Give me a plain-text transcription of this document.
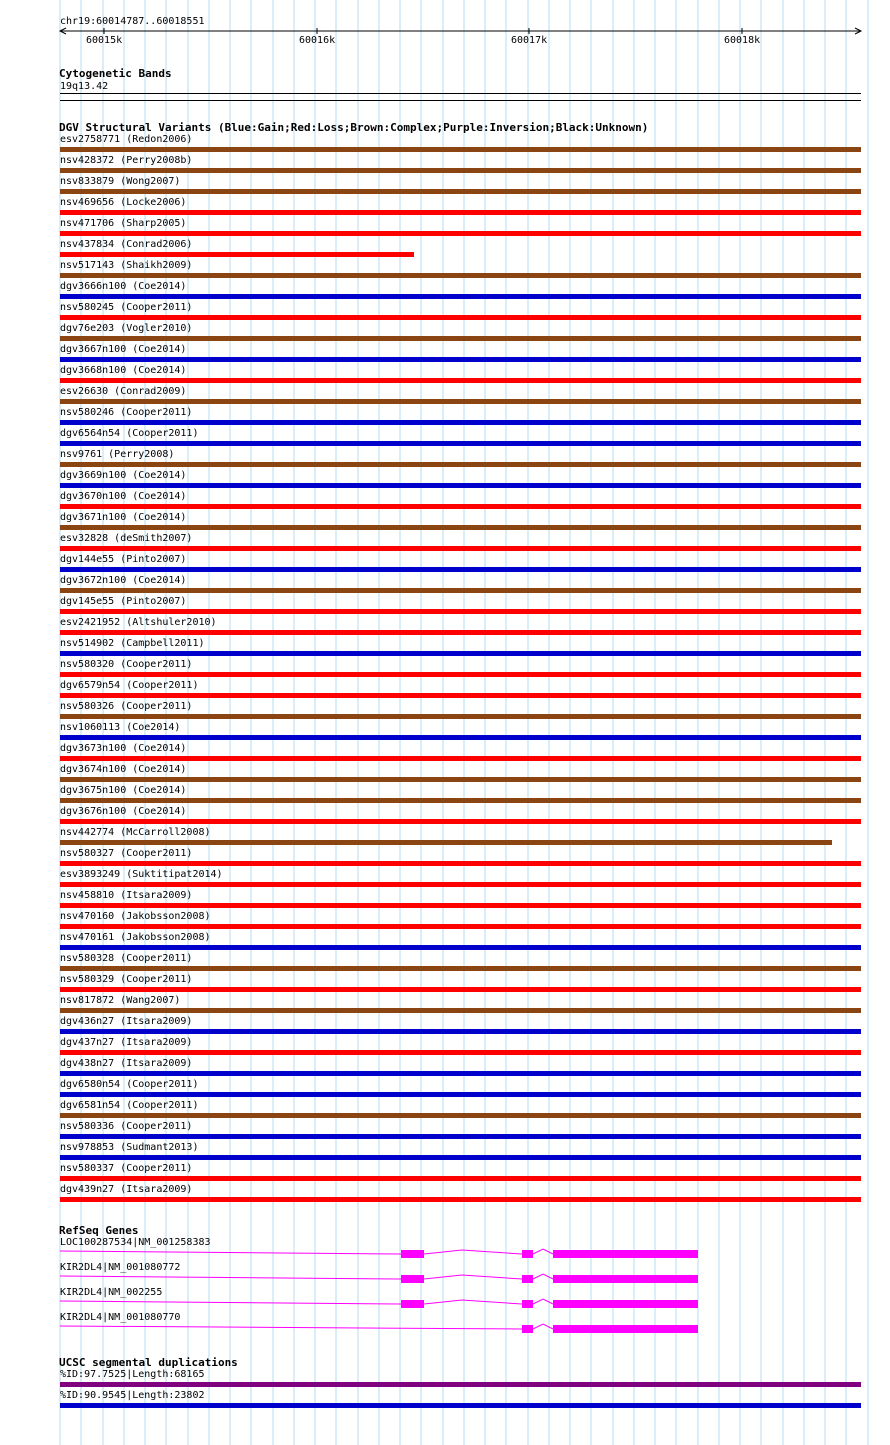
chr19:60014787..60018551
60015k	60016k	60017k	60018k
Cytogenetic Bands
19q13.42
DGV Structural Variants (Blue:Gain;Red:Loss;Brown:Complex;Purple:Inversion;Black:Unknown)
esv2758771 (Redon2006)
nsv428372 (Perry2008b)
nsv833879 (Wong2007)
nsv469656 (Locke2006)
nsv471706 (Sharp2005)
nsv437834 (Conrad2006)
nsv517143 (Shaikh2009)
dgv3666n100 (Coe2014)
nsv580245 (Cooper2011)
dgv76e203 (Vogler2010)
dgv3667n100 (Coe2014)
dgv3668n100 (Coe2014)
esv26630 (Conrad2009)
nsv580246 (Cooper2011)
dgv6564n54 (Cooper2011)
nsv9761 (Perry2008)
dgv3669n100 (Coe2014)
dgv3670n100 (Coe2014)
dgv3671n100 (Coe2014)
esv32828 (deSmith2007)
dgv144e55 (Pinto2007)
dgv3672n100 (Coe2014)
dgv145e55 (Pinto2007)
esv2421952 (Altshuler2010)
nsv514902 (Campbell2011)
nsv580320 (Cooper2011)
dgv6579n54 (Cooper2011)
nsv580326 (Cooper2011)
nsv1060113 (Coe2014)
dgv3673n100 (Coe2014)
dgv3674n100 (Coe2014)
dgv3675n100 (Coe2014)
dgv3676n100 (Coe2014)
nsv442774 (McCarroll2008)
nsv580327 (Cooper2011)
esv3893249 (Suktitipat2014)
nsv458810 (Itsara2009)
nsv470160 (Jakobsson2008)
nsv470161 (Jakobsson2008)
nsv580328 (Cooper2011)
nsv580329 (Cooper2011)
nsv817872 (Wang2007)
dgv436n27 (Itsara2009)
dgv437n27 (Itsara2009)
dgv438n27 (Itsara2009)
dgv6580n54 (Cooper2011)
dgv6581n54 (Cooper2011)
nsv580336 (Cooper2011)
nsv978853 (Sudmant2013)
nsv580337 (Cooper2011)
dgv439n27 (Itsara2009)
RefSeq Genes
LOC100287534|NM_001258383
KIR2DL4|NM_001080772
KIR2DL4|NM_002255
KIR2DL4|NM_001080770
UCSC segmental duplications
%ID:97.7525|Length:68165
%ID:90.9545|Length:23802
